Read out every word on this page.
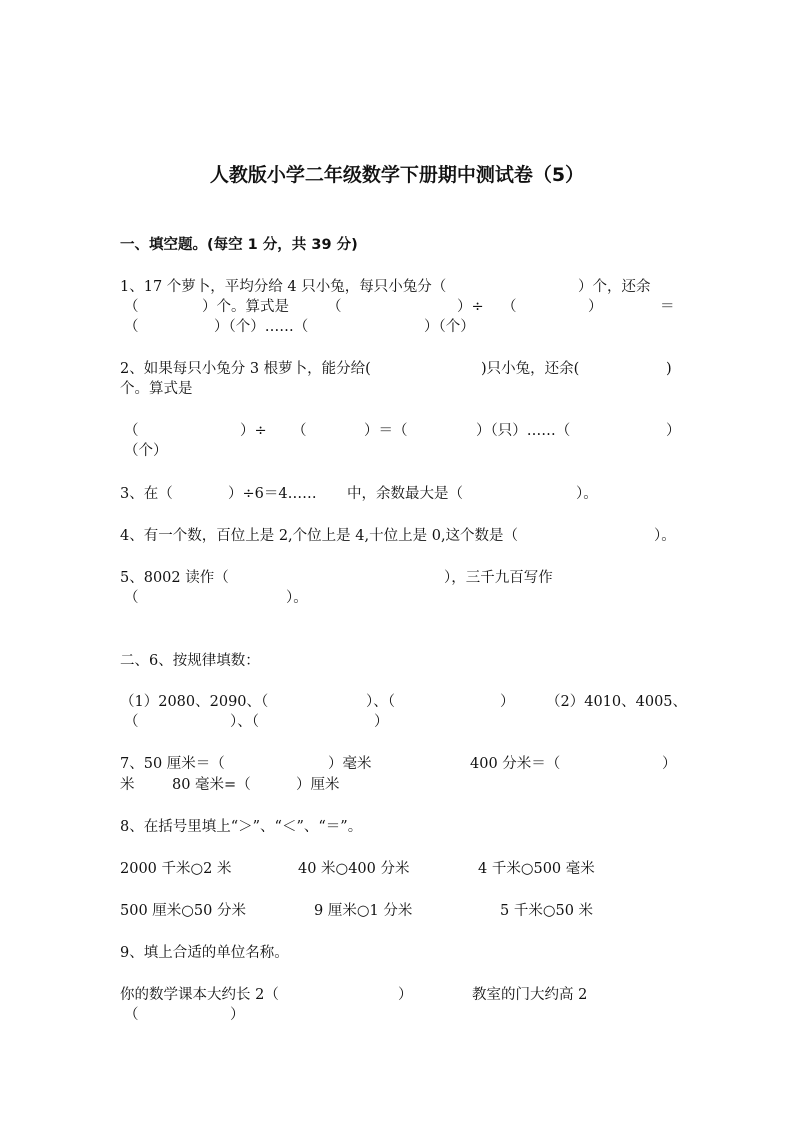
人教版小学二年级数学下册期中测试卷（5）
一、填空题。(每空 1 分，共 39 分)
1、17 个萝卜，平均分给 4 只小兔，每只小兔分（	）个，还余
（	）个。算式是	（	）÷ （	）	＝
（	）（个）……（	）（个）
2、如果每只小兔分 3 根萝卜，能分给(	)只小兔，还余(	)
个。算式是
（	）÷ （	）＝（	）（只）……（	）
（个）
3、在（	）÷6＝4…… 中，余数最大是（	）。
4、有一个数，百位上是 2,个位上是 4,十位上是 0,这个数是（	）。
5、8002 读作（	），三千九百写作
（	）。
二、6、按规律填数：
（1）2080、2090、（	）、（	） （2）4010、4005、
（	）、（	）
7、50 厘米＝（	）毫米	400 分米＝（	）
米	80 毫米=（	）厘米
8、在括号里填上“＞”、“＜”、“＝”。
2000 千米○2 米	40 米○400 分米	4 千米○500 毫米
500 厘米○50 分米	9 厘米○1 分米	5 千米○50 米
9、填上合适的单位名称。
你的数学课本大约长 2（	）	教室的门大约高 2
（	）
